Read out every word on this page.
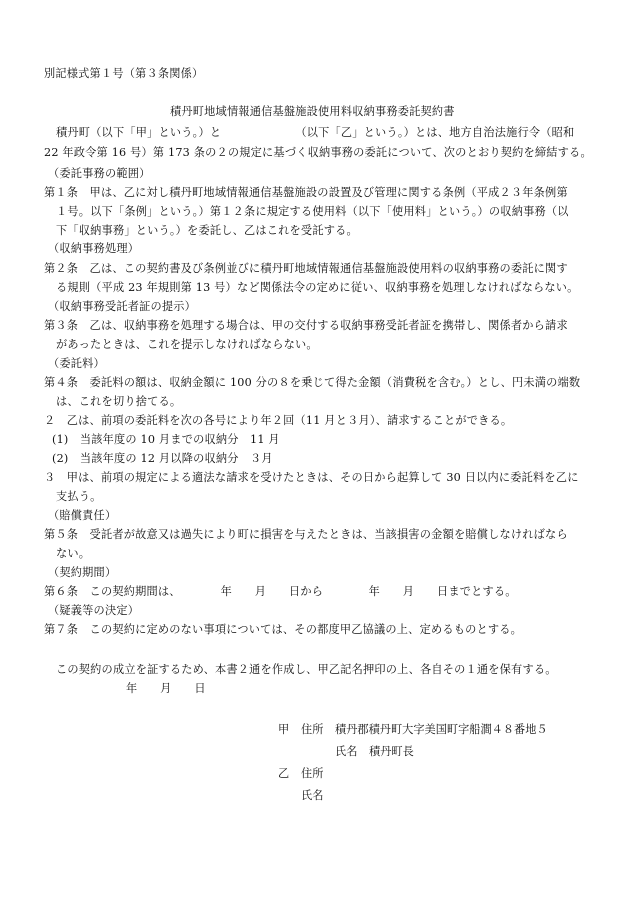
別記様式第１号（第３条関係）
積丹町地域情報通信基盤施設使用料収納事務委託契約書
積丹町（以下「甲」という。）と　　　　　　　（以下「乙」という。）とは、地方自治法施行令（昭和
22 年政令第 16 号）第 173 条の２の規定に基づく収納事務の委託について、次のとおり契約を締結する。
（委託事務の範囲）
第１条　甲は、乙に対し積丹町地域情報通信基盤施設の設置及び管理に関する条例（平成２３年条例第
１号。以下「条例」という。）第１２条に規定する使用料（以下「使用料」という。）の収納事務（以
下「収納事務」という。）を委託し、乙はこれを受託する。
（収納事務処理）
第２条　乙は、この契約書及び条例並びに積丹町地域情報通信基盤施設使用料の収納事務の委託に関す
る規則（平成 23 年規則第 13 号）など関係法令の定めに従い、収納事務を処理しなければならない。
（収納事務受託者証の提示）
第３条　乙は、収納事務を処理する場合は、甲の交付する収納事務受託者証を携帯し、関係者から請求
があったときは、これを提示しなければならない。
（委託料）
第４条　委託料の額は、収納金額に 100 分の８を乗じて得た金額（消費税を含む。）とし、円未満の端数
は、これを切り捨てる。
２　乙は、前項の委託料を次の各号により年２回（11 月と３月）、請求することができる。
(1)　当該年度の 10 月までの収納分　11 月
(2)　当該年度の 12 月以降の収納分　３月
３　甲は、前項の規定による適法な請求を受けたときは、その日から起算して 30 日以内に委託料を乙に
支払う。
（賠償責任）
第５条　受託者が故意又は過失により町に損害を与えたときは、当該損害の金額を賠償しなければなら
ない。
（契約期間）
第６条　この契約期間は、　　　　年　　月　　日から　　　　年　　月　　日までとする。
（疑義等の決定）
第７条　この契約に定めのない事項については、その都度甲乙協議の上、定めるものとする。
この契約の成立を証するため、本書２通を作成し、甲乙記名押印の上、各自その１通を保有する。
年　　月　　日
甲 住所 積丹郡積丹町大字美国町字船澗４８番地５
氏名 積丹町長
乙 住所
氏名
